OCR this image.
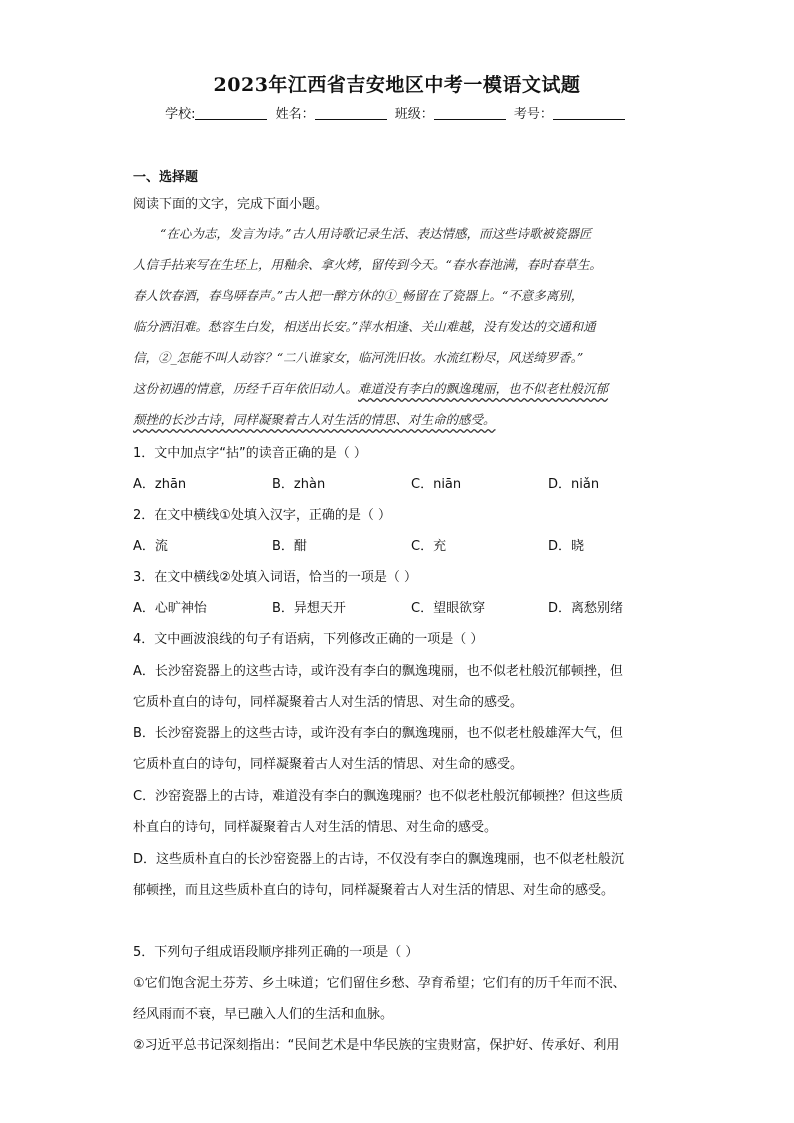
2023年江西省吉安地区中考一模语文试题
学校:	姓名：	班级：	考号：
一、选择题
阅读下面的文字，完成下面小题。
“在心为志，发言为诗。”古人用诗歌记录生活、表达情感，而这些诗歌被瓷器匠
人信手拈来写在生坯上，用釉余、拿火烤，留传到今天。“春水春池满，春时春草生。
春人饮春酒，春鸟哢春声。”古人把一醉方休的①_畅留在了瓷器上。“不意多离别，
临分洒泪难。愁容生白发，相送出长安。”萍水相逢、关山难越，没有发达的交通和通
信，②_怎能不叫人动容？“二八谁家女，临河洗旧妆。水流红粉尽，风送绮罗香。”
这份初遇的情意，历经千百年依旧动人。难道没有李白的飘逸瑰丽，也不似老杜般沉郁
颓挫的长沙古诗，同样凝聚着古人对生活的情思、对生命的感受。
1．文中加点字“拈”的读音正确的是（ ）
A．zhān	B．zhàn	C．niān	D．niǎn
2．在文中横线①处填入汉字，正确的是（ ）
A．流	B．酣	C．充	D．晓
3．在文中横线②处填入词语，恰当的一项是（ ）
A．心旷神怡	B．异想天开	C．望眼欲穿	D．离愁别绪
4．文中画波浪线的句子有语病，下列修改正确的一项是（ ）
A．长沙窑瓷器上的这些古诗，或许没有李白的飘逸瑰丽，也不似老杜般沉郁顿挫，但
它质朴直白的诗句，同样凝聚着古人对生活的情思、对生命的感受。
B．长沙窑瓷器上的这些古诗，或许没有李白的飘逸瑰丽，也不似老杜般雄浑大气，但
它质朴直白的诗句，同样凝聚着古人对生活的情思、对生命的感受。
C．沙窑瓷器上的古诗，难道没有李白的飘逸瑰丽？也不似老杜般沉郁顿挫？但这些质
朴直白的诗句，同样凝聚着古人对生活的情思、对生命的感受。
D．这些质朴直白的长沙窑瓷器上的古诗，不仅没有李白的飘逸瑰丽，也不似老杜般沉
郁顿挫，而且这些质朴直白的诗句，同样凝聚着古人对生活的情思、对生命的感受。
5．下列句子组成语段顺序排列正确的一项是（ ）
①它们饱含泥土芬芳、乡土味道；它们留住乡愁、孕育希望；它们有的历千年而不泯、
经风雨而不衰，早已融入人们的生活和血脉。
②习近平总书记深刻指出：“民间艺术是中华民族的宝贵财富，保护好、传承好、利用
